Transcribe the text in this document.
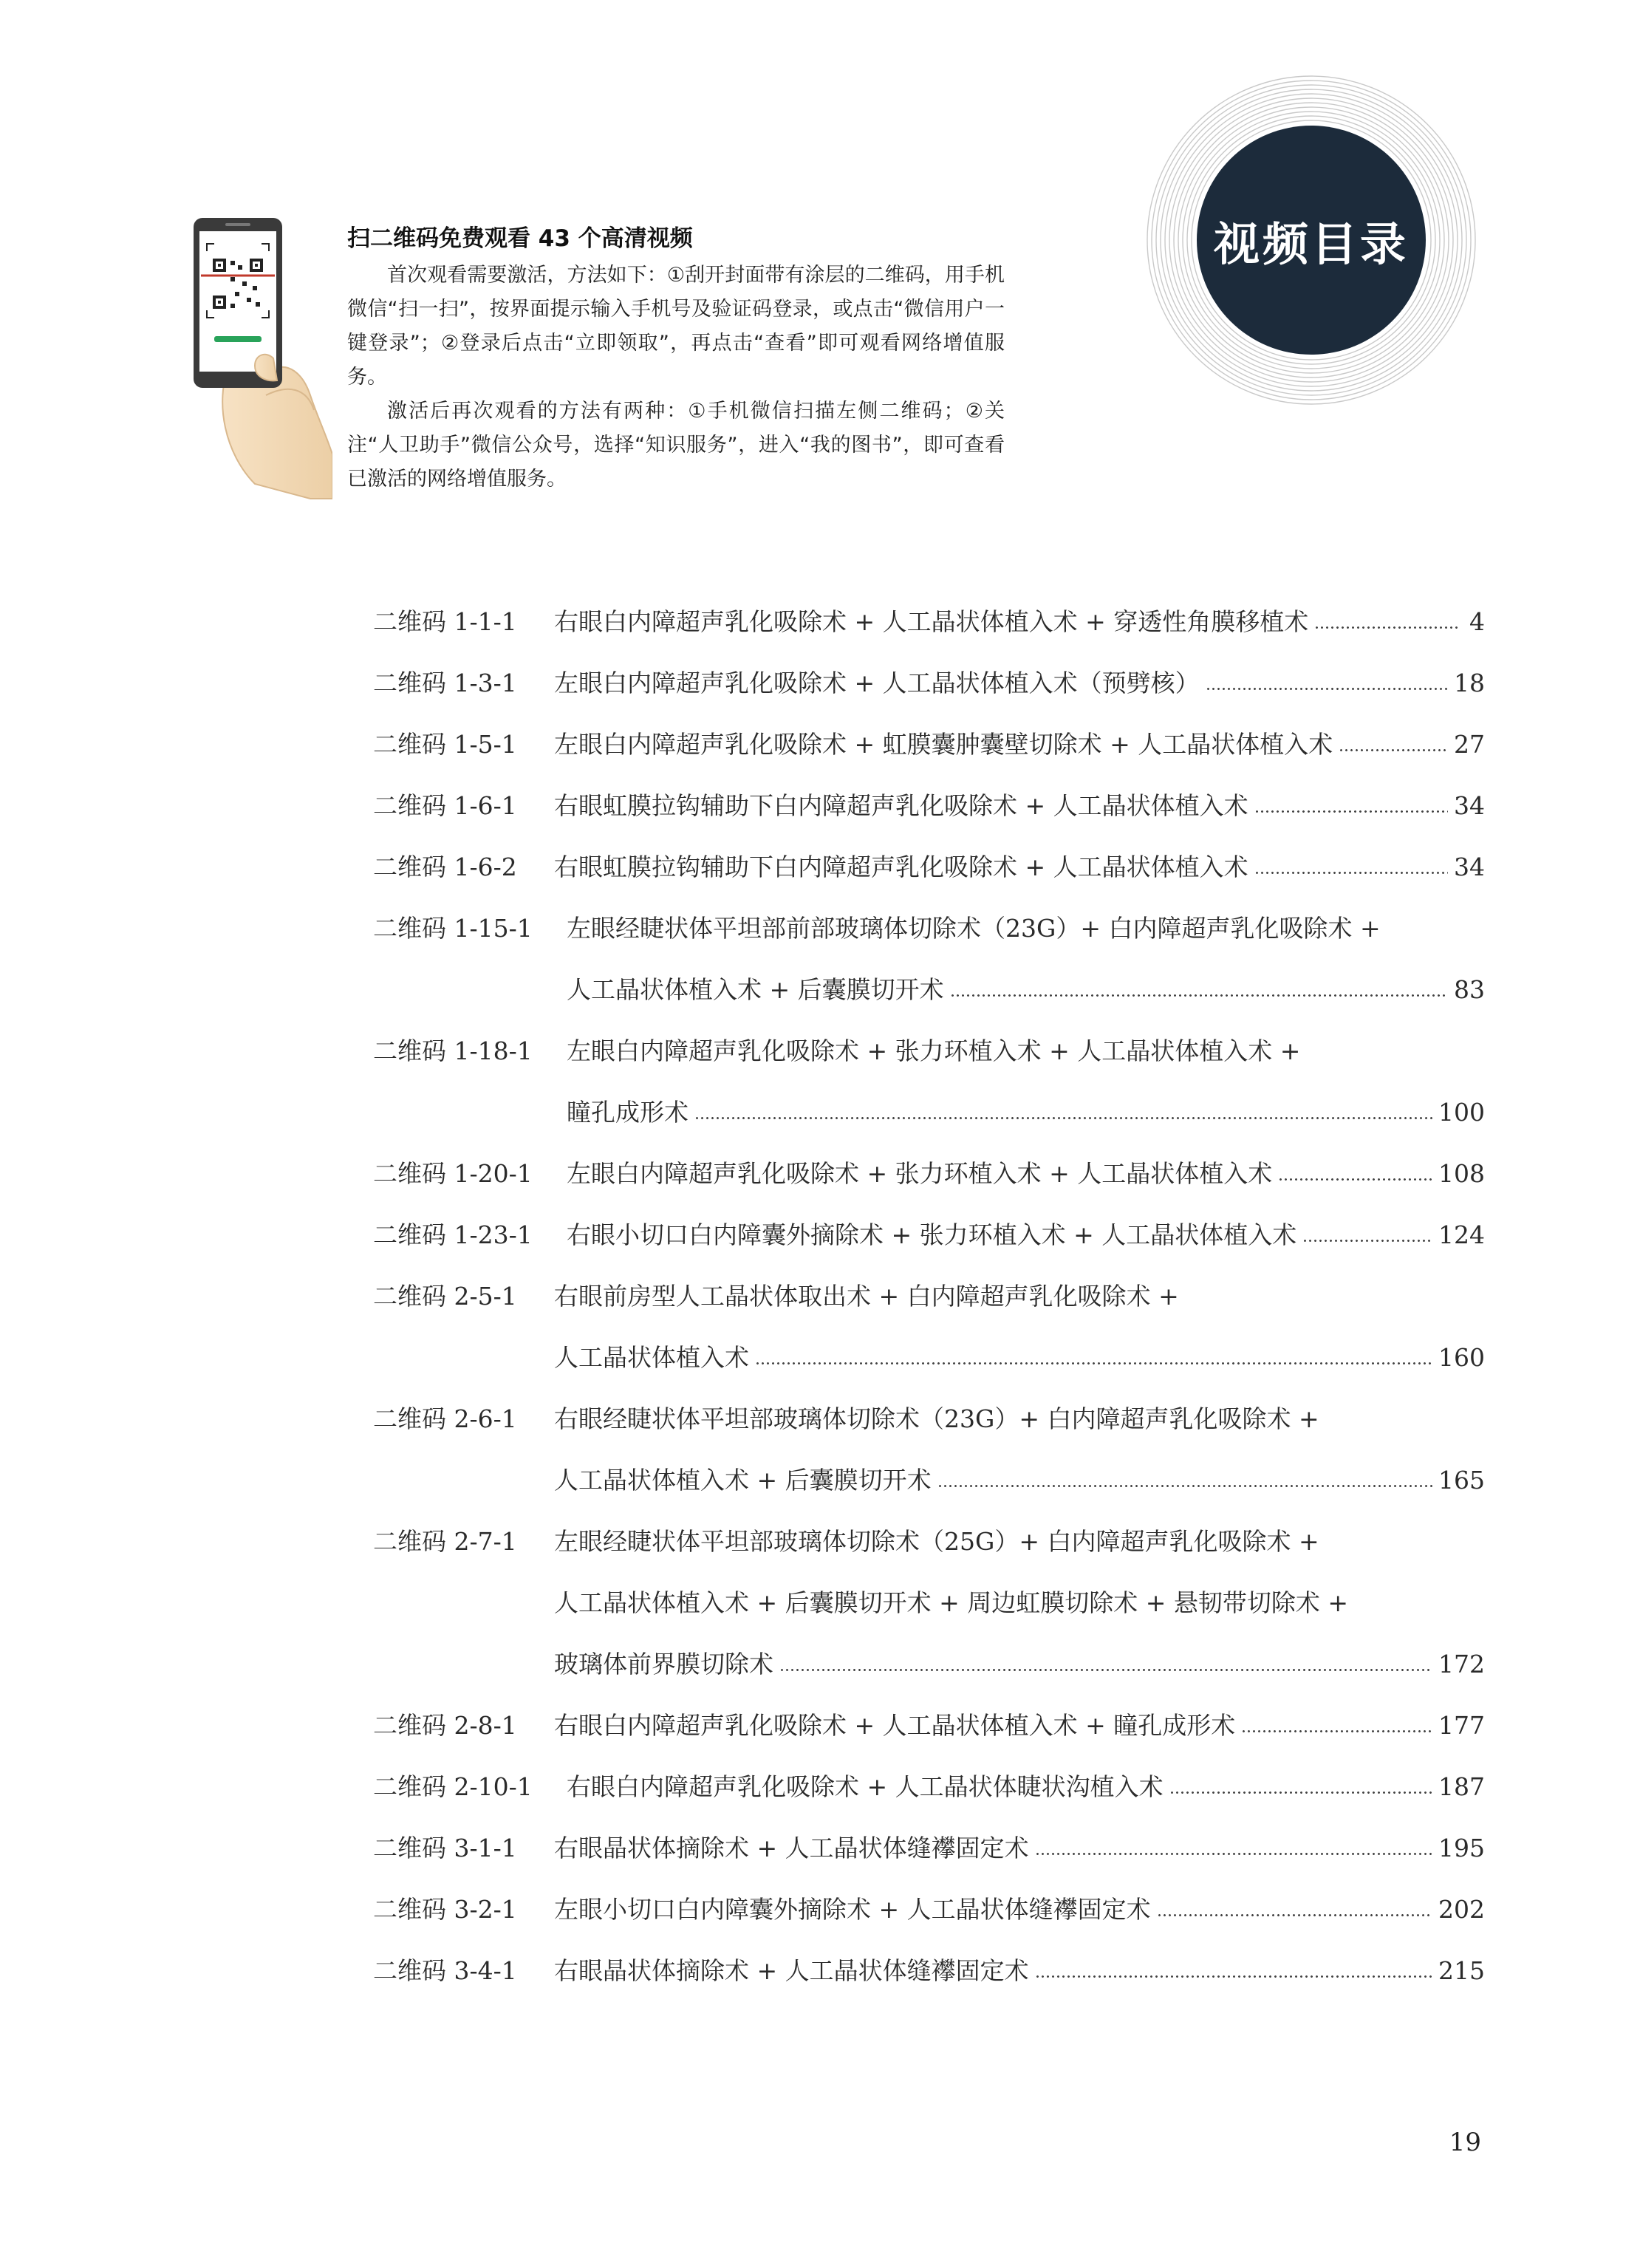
扫二维码免费观看 43 个高清视频

首次观看需要激活，方法如下：①刮开封面带有涂层的二维码，用手机微信“扫一扫”，按界面提示输入手机号及验证码登录，或点击“微信用户一键登录”；②登录后点击“立即领取”，再点击“查看”即可观看网络增值服务。

激活后再次观看的方法有两种：①手机微信扫描左侧二维码；②关注“人卫助手”微信公众号，选择“知识服务”，进入“我的图书”，即可查看已激活的网络增值服务。

视频目录
二维码 1-1-1 右眼白内障超声乳化吸除术 + 人工晶状体植入术 + 穿透性角膜移植术	4
二维码 1-3-1 左眼白内障超声乳化吸除术 + 人工晶状体植入术（预劈核）	18
二维码 1-5-1 左眼白内障超声乳化吸除术 + 虹膜囊肿囊壁切除术 + 人工晶状体植入术	27
二维码 1-6-1 右眼虹膜拉钩辅助下白内障超声乳化吸除术 + 人工晶状体植入术	34
二维码 1-6-2 右眼虹膜拉钩辅助下白内障超声乳化吸除术 + 人工晶状体植入术	34
二维码 1-15-1 左眼经睫状体平坦部前部玻璃体切除术（23G）+ 白内障超声乳化吸除术 +
人工晶状体植入术 + 后囊膜切开术	83
二维码 1-18-1 左眼白内障超声乳化吸除术 + 张力环植入术 + 人工晶状体植入术 +
瞳孔成形术	100
二维码 1-20-1 左眼白内障超声乳化吸除术 + 张力环植入术 + 人工晶状体植入术	108
二维码 1-23-1 右眼小切口白内障囊外摘除术 + 张力环植入术 + 人工晶状体植入术	124
二维码 2-5-1 右眼前房型人工晶状体取出术 + 白内障超声乳化吸除术 +
人工晶状体植入术	160
二维码 2-6-1 右眼经睫状体平坦部玻璃体切除术（23G）+ 白内障超声乳化吸除术 +
人工晶状体植入术 + 后囊膜切开术	165
二维码 2-7-1 左眼经睫状体平坦部玻璃体切除术（25G）+ 白内障超声乳化吸除术 +
人工晶状体植入术 + 后囊膜切开术 + 周边虹膜切除术 + 悬韧带切除术 +
玻璃体前界膜切除术	172
二维码 2-8-1 右眼白内障超声乳化吸除术 + 人工晶状体植入术 + 瞳孔成形术	177
二维码 2-10-1 右眼白内障超声乳化吸除术 + 人工晶状体睫状沟植入术	187
二维码 3-1-1 右眼晶状体摘除术 + 人工晶状体缝襻固定术	195
二维码 3-2-1 左眼小切口白内障囊外摘除术 + 人工晶状体缝襻固定术	202
二维码 3-4-1 右眼晶状体摘除术 + 人工晶状体缝襻固定术	215
19
